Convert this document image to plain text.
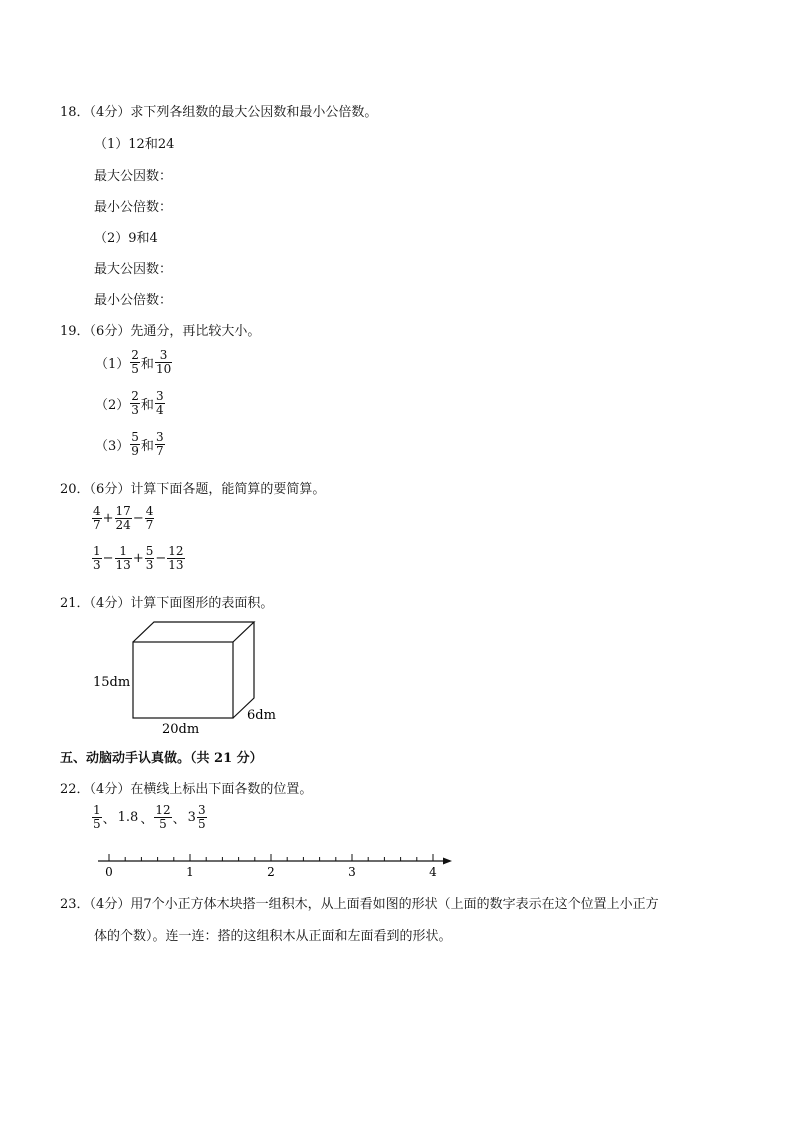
18．（4分）求下列各组数的最大公因数和最小公倍数。
（1）12和24
最大公因数：
最小公倍数：
（2）9和4
最大公因数：
最小公倍数：
19．（6分）先通分，再比较大小。
$(1) \frac{2}{5}$ 和 $\frac{3}{10}$
$(2) \frac{2}{3}$ 和 $\frac{3}{4}$
$(3) \frac{5}{9}$ 和 $\frac{3}{7}$
20．（6分）计算下面各题，能简算的要简算。
$\frac{4}{7} + \frac{17}{24} - \frac{4}{7}$
$\frac{1}{3} - \frac{1}{13} + \frac{5}{3} - \frac{12}{13}$
21．（4分）计算下面图形的表面积。
15dm
20dm
6dm
五、动脑动手认真做。（共 21 分）
22．（4分）在横线上标出下面各数的位置。
$\frac{1}{5}$ 、 1.8 、 $\frac{12}{5}$ 、 $3 \frac{3}{5}$
0	1	2	3	4
23．（4分）用7个小正方体木块搭一组积木，从上面看如图的形状（上面的数字表示在这个位置上小正方
体的个数）。连一连：搭的这组积木从正面和左面看到的形状。
